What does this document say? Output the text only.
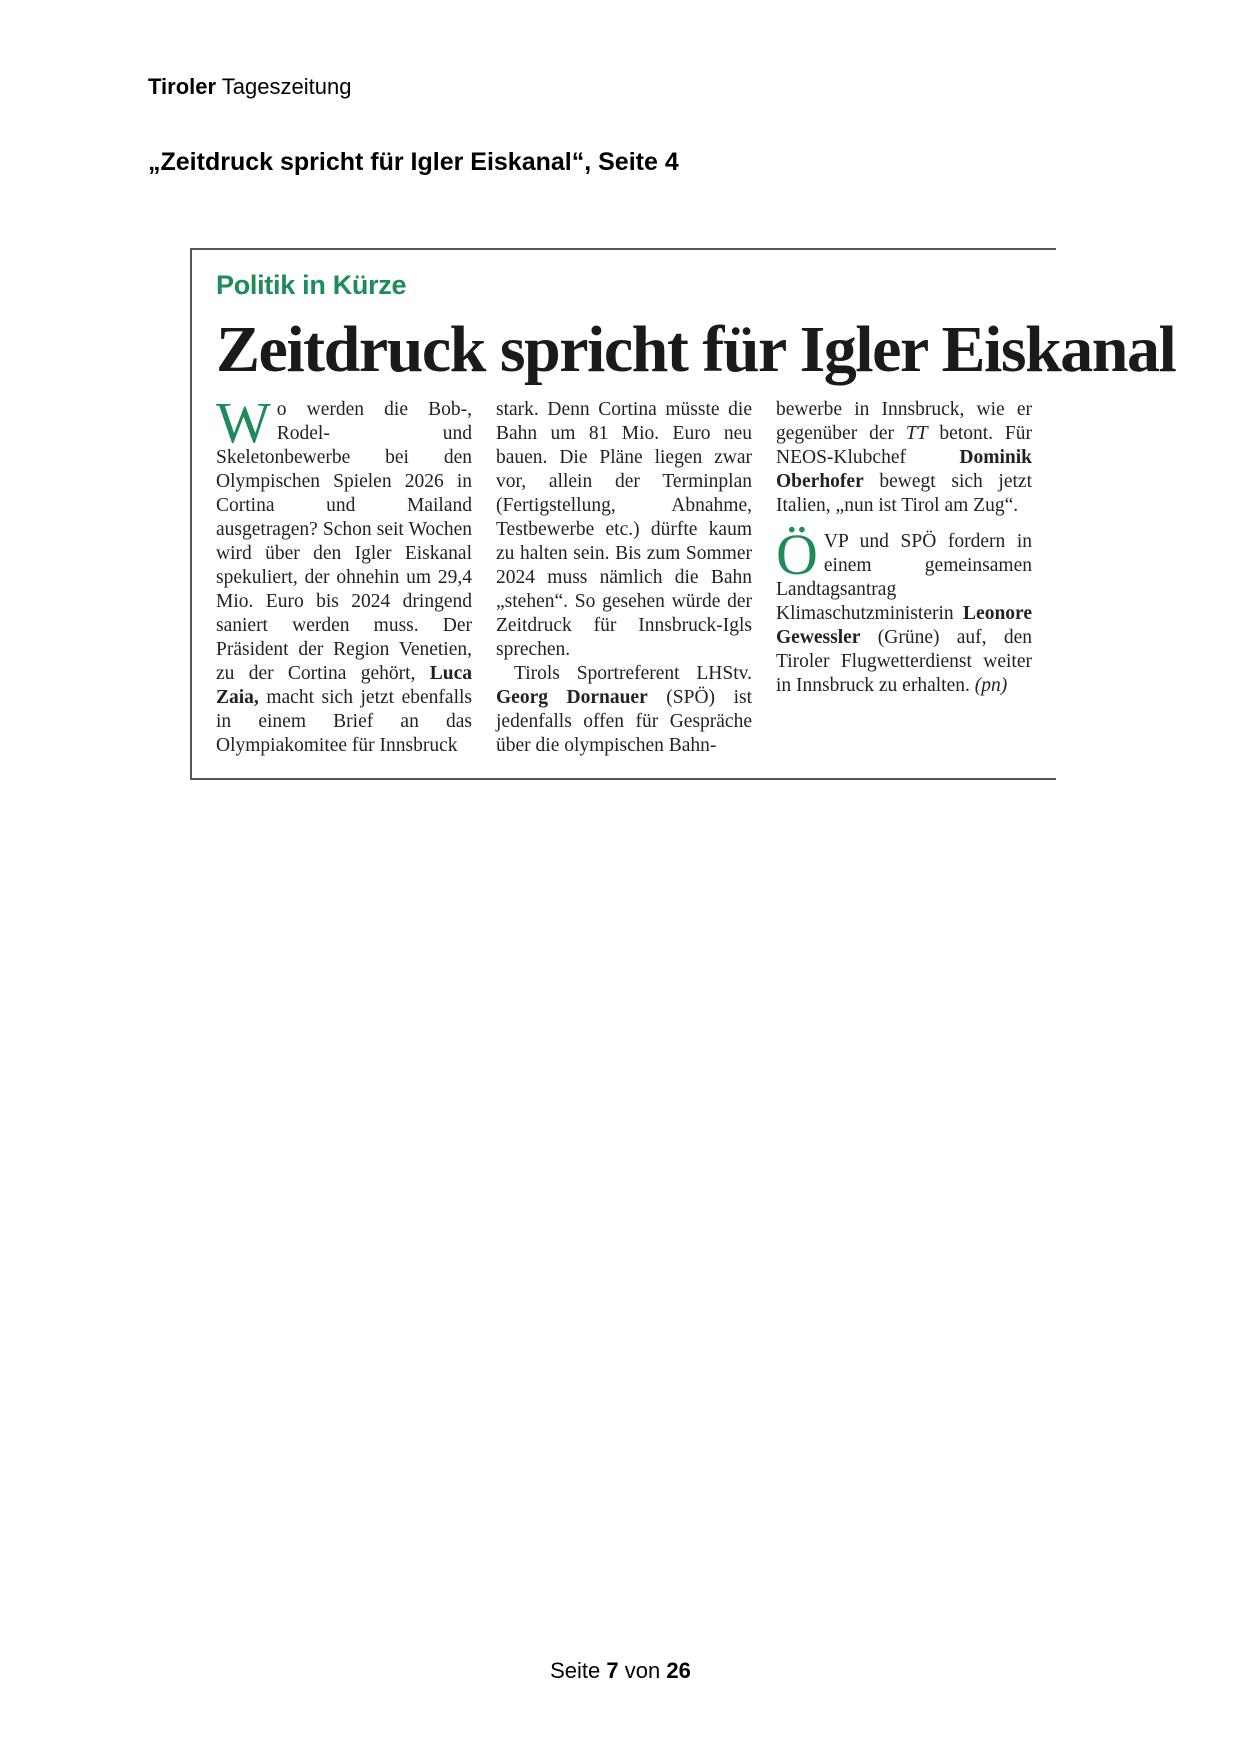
Tiroler Tageszeitung
„Zeitdruck spricht für Igler Eiskanal“, Seite 4
Politik in Kürze
Zeitdruck spricht für Igler Eiskanal

Wo werden die Bob-, Rodel- und Skeletonbewerbe bei den Olympischen Spielen 2026 in Cortina und Mailand ausgetragen? Schon seit Wochen wird über den Igler Eiskanal spekuliert, der ohnehin um 29,4 Mio. Euro bis 2024 dringend saniert werden muss. Der Präsident der Region Venetien, zu der Cortina gehört, Luca Zaia, macht sich jetzt ebenfalls in einem Brief an das Olympiakomitee für Innsbruck

stark. Denn Cortina müsste die Bahn um 81 Mio. Euro neu bauen. Die Pläne liegen zwar vor, allein der Terminplan (Fertigstellung, Abnahme, Testbewerbe etc.) dürfte kaum zu halten sein. Bis zum Sommer 2024 muss nämlich die Bahn „stehen“. So gesehen würde der Zeitdruck für Innsbruck-Igls sprechen.

Tirols Sportreferent LHStv. Georg Dornauer (SPÖ) ist jedenfalls offen für Gespräche über die olympischen Bahn-

bewerbe in Innsbruck, wie er gegenüber der TT betont. Für NEOS-Klubchef Dominik Oberhofer bewegt sich jetzt Italien, „nun ist Tirol am Zug“.

ÖVP und SPÖ fordern in einem gemeinsamen Landtagsantrag Klimaschutzministerin Leonore Gewessler (Grüne) auf, den Tiroler Flugwetterdienst weiter in Innsbruck zu erhalten. (pn)

Seite 7 von 26
